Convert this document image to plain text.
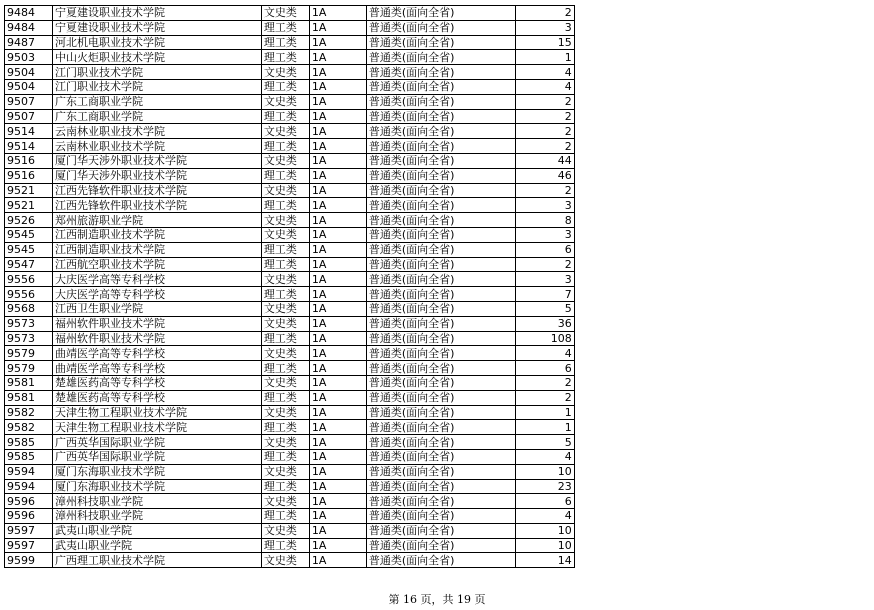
9484	宁夏建设职业技术学院	文史类	1A	普通类(面向全省)	2	
9484	宁夏建设职业技术学院	理工类	1A	普通类(面向全省)	3	
9487	河北机电职业技术学院	理工类	1A	普通类(面向全省)	15	
9503	中山火炬职业技术学院	理工类	1A	普通类(面向全省)	1	
9504	江门职业技术学院	文史类	1A	普通类(面向全省)	4	
9504	江门职业技术学院	理工类	1A	普通类(面向全省)	4	
9507	广东工商职业学院	文史类	1A	普通类(面向全省)	2	
9507	广东工商职业学院	理工类	1A	普通类(面向全省)	2	
9514	云南林业职业技术学院	文史类	1A	普通类(面向全省)	2	
9514	云南林业职业技术学院	理工类	1A	普通类(面向全省)	2	
9516	厦门华天涉外职业技术学院	文史类	1A	普通类(面向全省)	44	
9516	厦门华天涉外职业技术学院	理工类	1A	普通类(面向全省)	46	
9521	江西先锋软件职业技术学院	文史类	1A	普通类(面向全省)	2	
9521	江西先锋软件职业技术学院	理工类	1A	普通类(面向全省)	3	
9526	郑州旅游职业学院	文史类	1A	普通类(面向全省)	8	
9545	江西制造职业技术学院	文史类	1A	普通类(面向全省)	3	
9545	江西制造职业技术学院	理工类	1A	普通类(面向全省)	6	
9547	江西航空职业技术学院	理工类	1A	普通类(面向全省)	2	
9556	大庆医学高等专科学校	文史类	1A	普通类(面向全省)	3	
9556	大庆医学高等专科学校	理工类	1A	普通类(面向全省)	7	
9568	江西卫生职业学院	文史类	1A	普通类(面向全省)	5	
9573	福州软件职业技术学院	文史类	1A	普通类(面向全省)	36	
9573	福州软件职业技术学院	理工类	1A	普通类(面向全省)	108	
9579	曲靖医学高等专科学校	文史类	1A	普通类(面向全省)	4	
9579	曲靖医学高等专科学校	理工类	1A	普通类(面向全省)	6	
9581	楚雄医药高等专科学校	文史类	1A	普通类(面向全省)	2	
9581	楚雄医药高等专科学校	理工类	1A	普通类(面向全省)	2	
9582	天津生物工程职业技术学院	文史类	1A	普通类(面向全省)	1	
9582	天津生物工程职业技术学院	理工类	1A	普通类(面向全省)	1	
9585	广西英华国际职业学院	文史类	1A	普通类(面向全省)	5	
9585	广西英华国际职业学院	理工类	1A	普通类(面向全省)	4	
9594	厦门东海职业技术学院	文史类	1A	普通类(面向全省)	10	
9594	厦门东海职业技术学院	理工类	1A	普通类(面向全省)	23	
9596	漳州科技职业学院	文史类	1A	普通类(面向全省)	6	
9596	漳州科技职业学院	理工类	1A	普通类(面向全省)	4	
9597	武夷山职业学院	文史类	1A	普通类(面向全省)	10	
9597	武夷山职业学院	理工类	1A	普通类(面向全省)	10	
9599	广西理工职业技术学院	文史类	1A	普通类(面向全省)	14	
第 16 页，共 19 页
